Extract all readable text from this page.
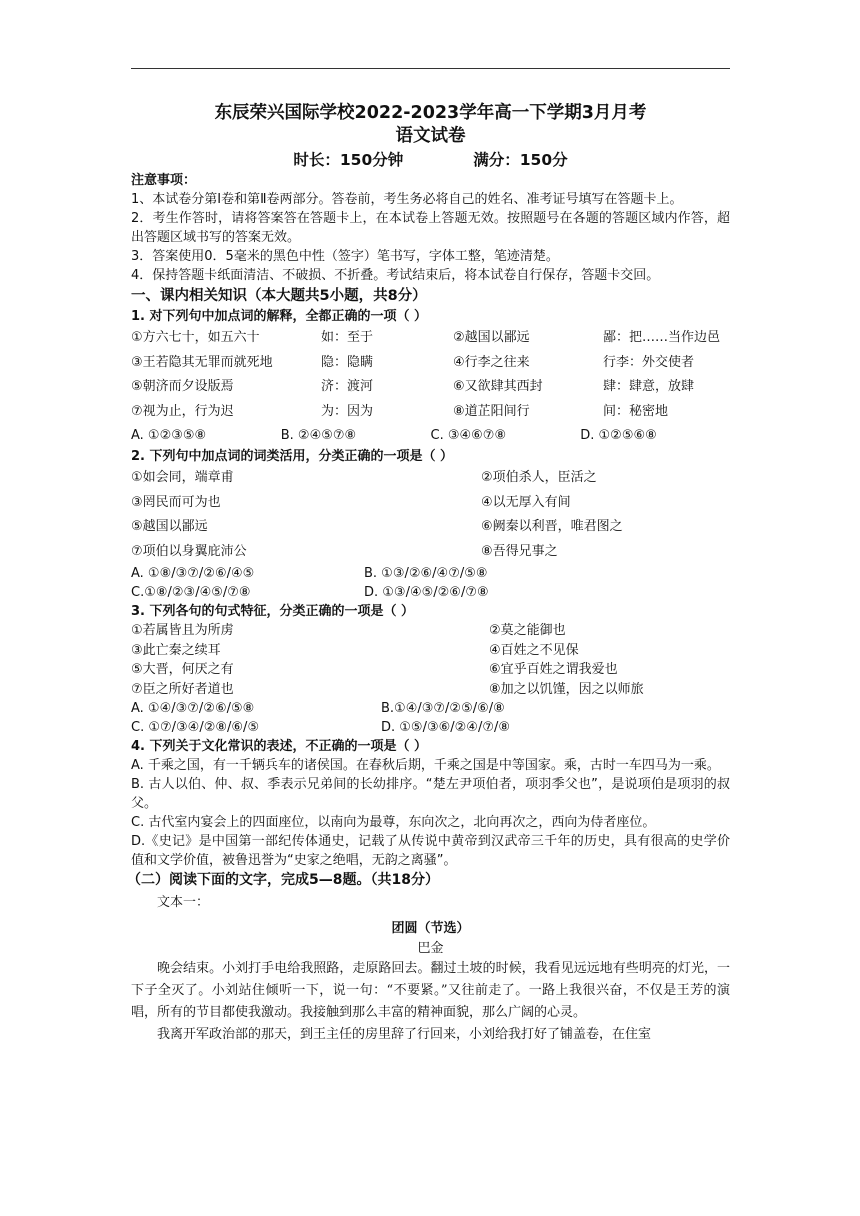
东辰荣兴国际学校2022-2023学年高一下学期3月月考
语文试卷
时长：150分钟	满分：150分
注意事项：
1、本试卷分第Ⅰ卷和第Ⅱ卷两部分。答卷前，考生务必将自己的姓名、准考证号填写在答题卡上。
2．考生作答时，请将答案答在答题卡上，在本试卷上答题无效。按照题号在各题的答题区域内作答，超出答题区域书写的答案无效。
3．答案使用0．5毫米的黑色中性（签字）笔书写，字体工整，笔迹清楚。
4．保持答题卡纸面清洁、不破损、不折叠。考试结束后，将本试卷自行保存，答题卡交回。
一、课内相关知识（本大题共5小题，共8分）
1. 对下列句中加点词的解释，全都正确的一项（ ）
①方六七十，如五六十	如：至于	②越国以鄙远	鄙：把……当作边邑
③王若隐其无罪而就死地	隐：隐瞒	④行李之往来	行李：外交使者
⑤朝济而夕设版焉	济：渡河	⑥又欲肆其西封	肆：肆意，放肆
⑦视为止，行为迟	为：因为	⑧道芷阳间行	间：秘密地
A. ①②③⑤⑧	B. ②④⑤⑦⑧	C. ③④⑥⑦⑧	D. ①②⑤⑥⑧
2. 下列句中加点词的词类活用，分类正确的一项是（ ）
①如会同，端章甫	②项伯杀人，臣活之
③罔民而可为也	④以无厚入有间
⑤越国以鄙远	⑥阙秦以利晋，唯君图之
⑦项伯以身翼庇沛公	⑧吾得兄事之
A. ①⑧/③⑦/②⑥/④⑤	B. ①③/②⑥/④⑦/⑤⑧
C.①⑧/②③/④⑤/⑦⑧	D. ①③/④⑤/②⑥/⑦⑧
3. 下列各句的句式特征，分类正确的一项是（ ）
①若属皆且为所虏	②莫之能御也
③此亡秦之续耳	④百姓之不见保
⑤大晋，何厌之有	⑥宜乎百姓之谓我爱也
⑦臣之所好者道也	⑧加之以饥馑，因之以师旅
A. ①④/③⑦/②⑥/⑤⑧	B.①④/③⑦/②⑤/⑥/⑧
C. ①⑦/③④/②⑧/⑥/⑤	D. ①⑤/③⑥/②④/⑦/⑧
4. 下列关于文化常识的表述，不正确的一项是（ ）
A. 千乘之国，有一千辆兵车的诸侯国。在春秋后期，千乘之国是中等国家。乘，古时一车四马为一乘。
B. 古人以伯、仲、叔、季表示兄弟间的长幼排序。“楚左尹项伯者，项羽季父也”，是说项伯是项羽的叔父。
C. 古代室内宴会上的四面座位，以南向为最尊，东向次之，北向再次之，西向为侍者座位。
D.《史记》是中国第一部纪传体通史，记载了从传说中黄帝到汉武帝三千年的历史，具有很高的史学价值和文学价值，被鲁迅誉为“史家之绝唱，无韵之离骚”。
（二）阅读下面的文字，完成5—8题。（共18分）
文本一：
团圆（节选）
巴金
晚会结束。小刘打手电给我照路，走原路回去。翻过土坡的时候，我看见远远地有些明亮的灯光，一下子全灭了。小刘站住倾听一下，说一句：“不要紧。”又往前走了。一路上我很兴奋，不仅是王芳的演唱，所有的节目都使我激动。我接触到那么丰富的精神面貌，那么广阔的心灵。
我离开军政治部的那天，到王主任的房里辞了行回来，小刘给我打好了铺盖卷，在住室
